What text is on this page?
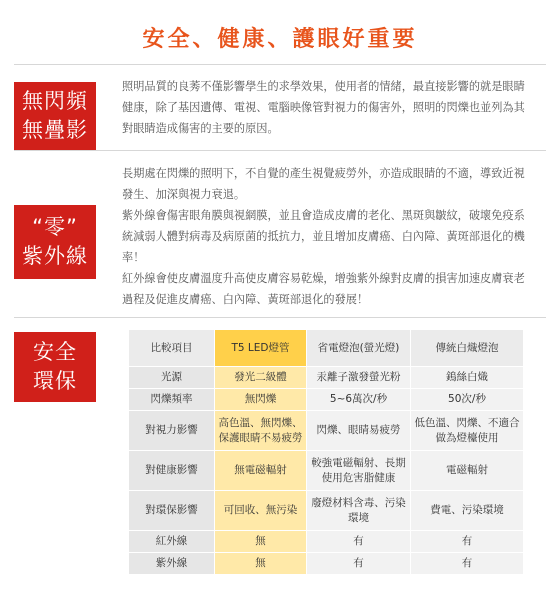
安全、健康、護眼好重要
無閃頻
無疊影

照明品質的良莠不僅影響學生的求學效果，使用者的情緒，最直接影響的就是眼睛健康，除了基因遺傳、電視、電腦映像管對視力的傷害外，照明的閃爍也並列為其對眼睛造成傷害的主要的原因。

“零”
紫外線

長期處在閃爍的照明下，不自覺的產生視覺疲勞外，亦造成眼睛的不適，導致近視發生、加深與視力衰退。

紫外線會傷害眼角膜與視網膜，並且會造成皮膚的老化、黑斑與皺紋，破壞免疫系統減弱人體對病毒及病原菌的抵抗力，並且增加皮膚癌、白內障、黃斑部退化的機率！

紅外線會使皮膚溫度升高使皮膚容易乾燥，增強紫外線對皮膚的損害加速皮膚衰老過程及促進皮膚癌、白內障、黃斑部退化的發展！

安全
環保
比較項目	T5 LED燈管	省電燈泡(螢光燈)	傳統白熾燈泡
光源	發光二級體	汞離子激發螢光粉	鎢絲白熾
閃爍頻率	無閃爍	5~6萬次/秒	50次/秒
對視力影響	高色溫、無閃爍、保護眼睛不易疲勞	閃爍、眼睛易疲勞	低色溫、閃爍、不適合做為燈檯使用
對健康影響	無電磁輻射	較強電磁輻射、長期使用危害脂健康	電磁輻射
對環保影響	可回收、無污染	廢燈材料含毒、污染環境	費電、污染環境
紅外線	無	有	有
紫外線	無	有	有
